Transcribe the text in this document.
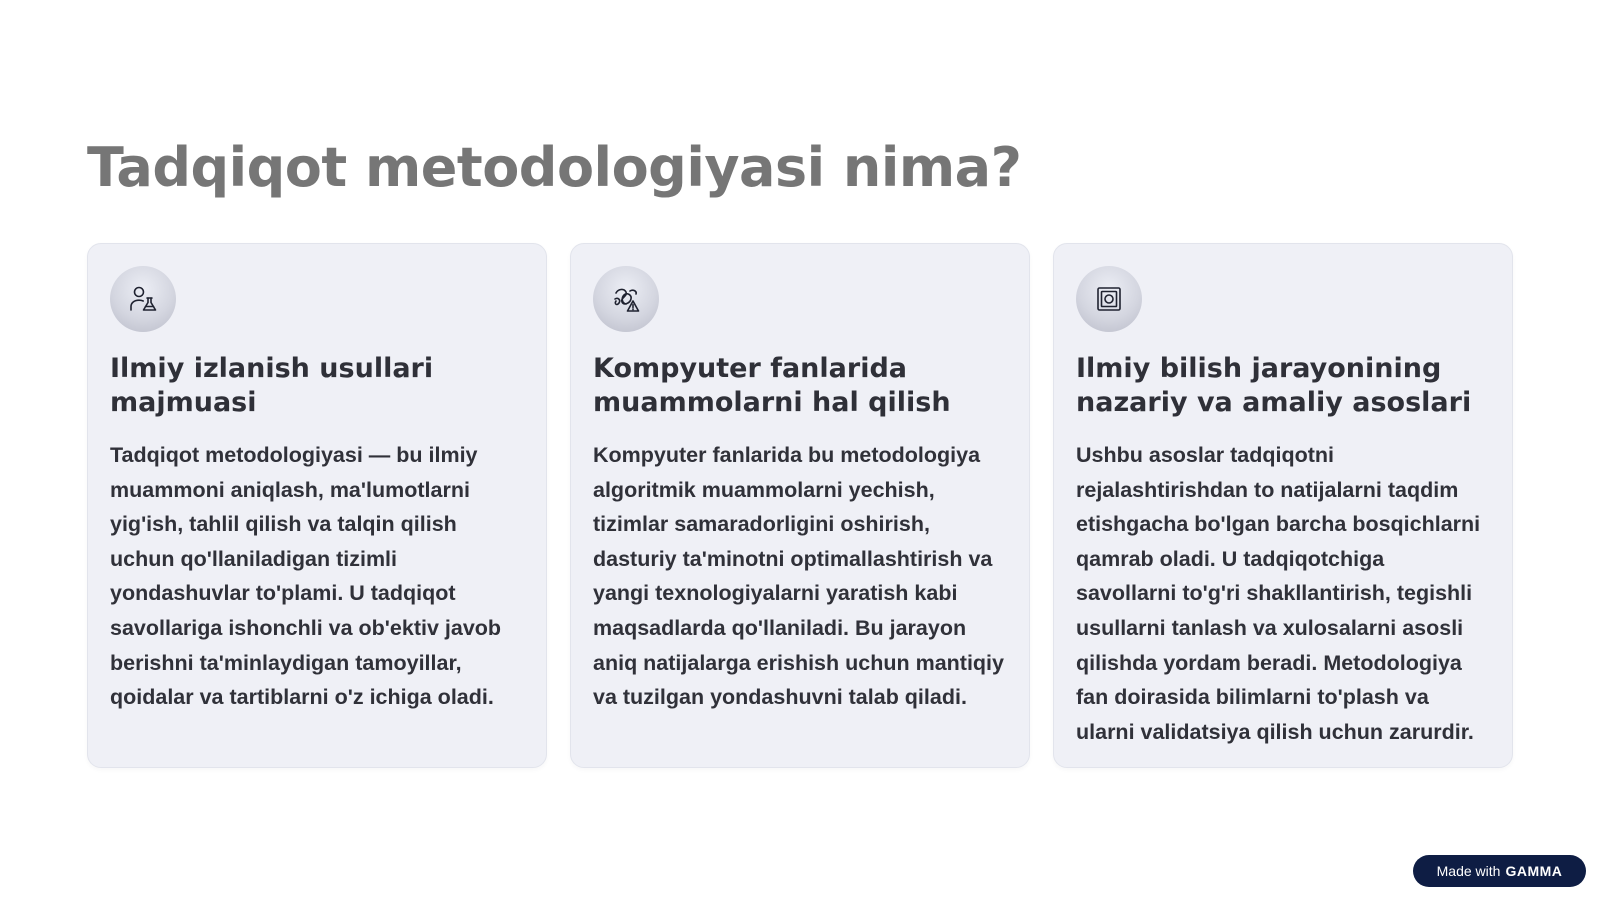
Tadqiqot metodologiyasi nima?
Ilmiy izlanish usullari majmuasi

Tadqiqot metodologiyasi — bu ilmiy muammoni aniqlash, ma'lumotlarni yig'ish, tahlil qilish va talqin qilish uchun qo'llaniladigan tizimli yondashuvlar to'plami. U tadqiqot savollariga ishonchli va ob'ektiv javob berishni ta'minlaydigan tamoyillar, qoidalar va tartiblarni o'z ichiga oladi.

Kompyuter fanlarida muammolarni hal qilish

Kompyuter fanlarida bu metodologiya algoritmik muammolarni yechish, tizimlar samaradorligini oshirish, dasturiy ta'minotni optimallashtirish va yangi texnologiyalarni yaratish kabi maqsadlarda qo'llaniladi. Bu jarayon aniq natijalarga erishish uchun mantiqiy va tuzilgan yondashuvni talab qiladi.

Ilmiy bilish jarayonining nazariy va amaliy asoslari

Ushbu asoslar tadqiqotni rejalashtirishdan to natijalarni taqdim etishgacha bo'lgan barcha bosqichlarni qamrab oladi. U tadqiqotchiga savollarni to'g'ri shakllantirish, tegishli usullarni tanlash va xulosalarni asosli qilishda yordam beradi. Metodologiya fan doirasida bilimlarni to'plash va ularni validatsiya qilish uchun zarurdir.

Made with GAMMA
